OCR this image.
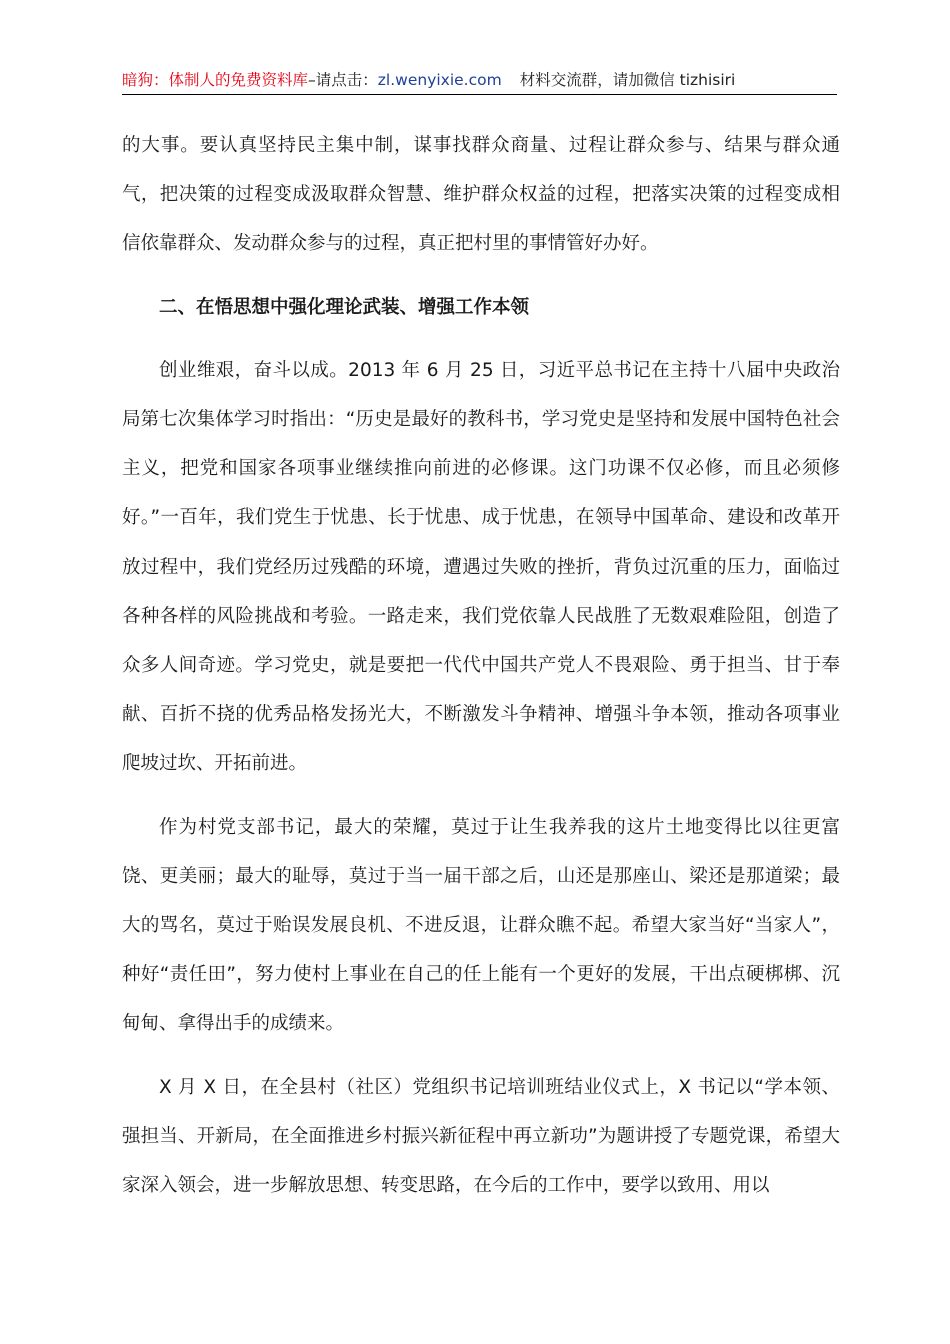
暗狗：体制人的免费资料库–请点击：zl.wenyixie.com 材料交流群，请加微信 tizhisiri

的大事。要认真坚持民主集中制，谋事找群众商量、过程让群众参与、结果与群众通气，把决策的过程变成汲取群众智慧、维护群众权益的过程，把落实决策的过程变成相信依靠群众、发动群众参与的过程，真正把村里的事情管好办好。

二、在悟思想中强化理论武装、增强工作本领

创业维艰，奋斗以成。2013 年 6 月 25 日，习近平总书记在主持十八届中央政治局第七次集体学习时指出：“历史是最好的教科书，学习党史是坚持和发展中国特色社会主义，把党和国家各项事业继续推向前进的必修课。这门功课不仅必修，而且必须修好。”一百年，我们党生于忧患、长于忧患、成于忧患，在领导中国革命、建设和改革开放过程中，我们党经历过残酷的环境，遭遇过失败的挫折，背负过沉重的压力，面临过各种各样的风险挑战和考验。一路走来，我们党依靠人民战胜了无数艰难险阻，创造了众多人间奇迹。学习党史，就是要把一代代中国共产党人不畏艰险、勇于担当、甘于奉献、百折不挠的优秀品格发扬光大，不断激发斗争精神、增强斗争本领，推动各项事业爬坡过坎、开拓前进。

作为村党支部书记，最大的荣耀，莫过于让生我养我的这片土地变得比以往更富饶、更美丽；最大的耻辱，莫过于当一届干部之后，山还是那座山、梁还是那道梁；最大的骂名，莫过于贻误发展良机、不进反退，让群众瞧不起。希望大家当好“当家人”，种好“责任田”，努力使村上事业在自己的任上能有一个更好的发展，干出点硬梆梆、沉甸甸、拿得出手的成绩来。

X 月 X 日，在全县村（社区）党组织书记培训班结业仪式上，X 书记以“学本领、强担当、开新局，在全面推进乡村振兴新征程中再立新功”为题讲授了专题党课，希望大家深入领会，进一步解放思想、转变思路，在今后的工作中，要学以致用、用以
